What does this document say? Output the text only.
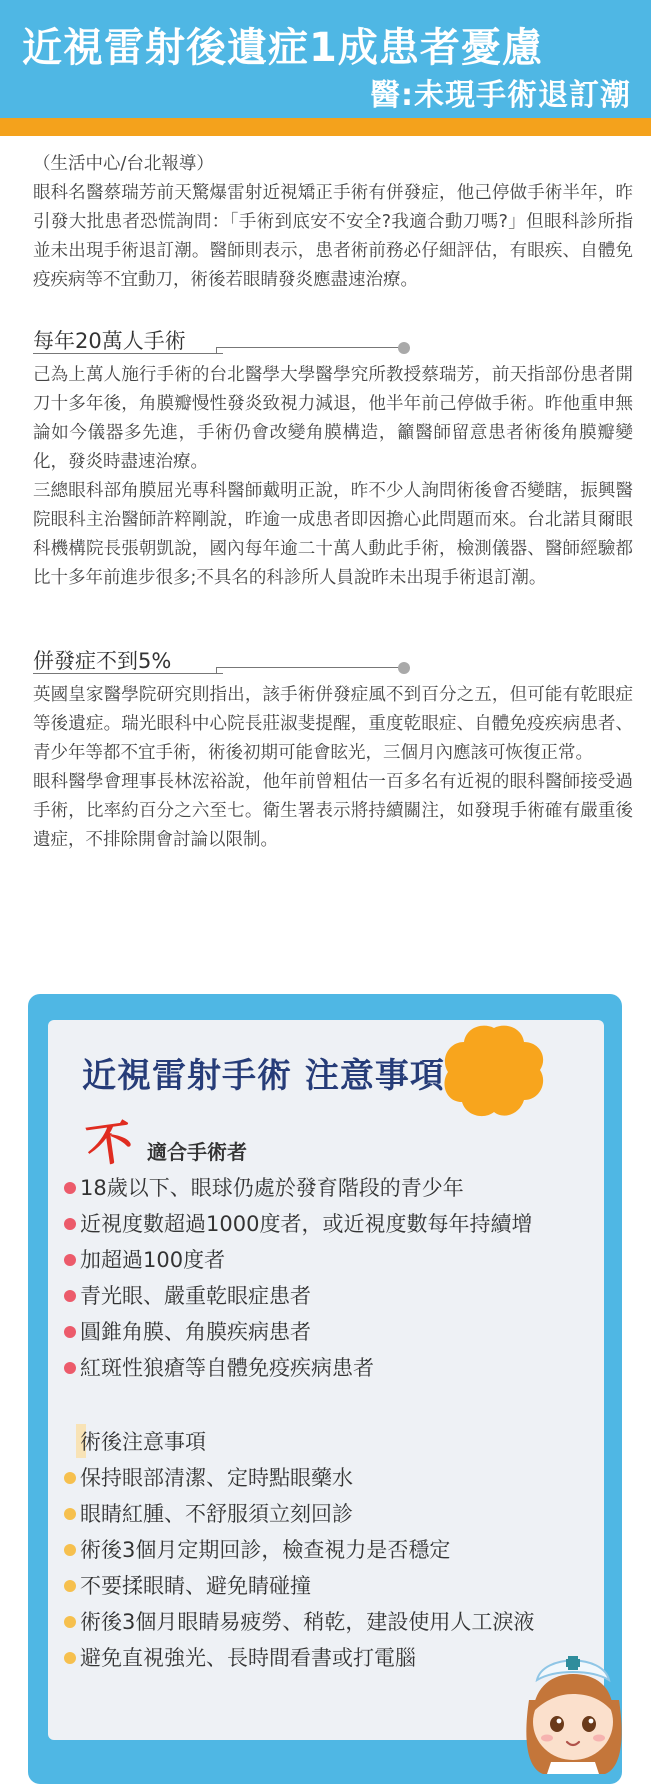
近視雷射後遺症1成患者憂慮
醫:未現手術退訂潮

（生活中心/台北報導）

眼科名醫蔡瑞芳前天驚爆雷射近視矯正手術有併發症，他己停做手術半年，昨引發大批患者恐慌詢問：「手術到底安不安全?我適合動刀嗎?」但眼科診所指並未出現手術退訂潮。醫師則表示，患者術前務必仔細評估，有眼疾、自體免疫疾病等不宜動刀，術後若眼睛發炎應盡速治療。

每年20萬人手術

己為上萬人施行手術的台北醫學大學醫學究所教授蔡瑞芳，前天指部份患者開刀十多年後，角膜瓣慢性發炎致視力減退，他半年前己停做手術。昨他重申無論如今儀器多先進，手術仍會改變角膜構造，籲醫師留意患者術後角膜瓣變化，發炎時盡速治療。

三總眼科部角膜屈光專科醫師戴明正說，昨不少人詢問術後會否變瞎，振興醫院眼科主治醫師許粹剛說，昨逾一成患者即因擔心此問題而來。台北諾貝爾眼科機構院長張朝凱說，國內每年逾二十萬人動此手術，檢測儀器、醫師經驗都比十多年前進步很多;不具名的科診所人員說昨未出現手術退訂潮。

併發症不到5%

英國皇家醫學院研究則指出，該手術併發症風不到百分之五，但可能有乾眼症等後遺症。瑞光眼科中心院長莊淑斐提醒，重度乾眼症、自體免疫疾病患者、青少年等都不宜手術，術後初期可能會眩光，三個月內應該可恢復正常。

眼科醫學會理事長林浤裕說，他年前曾粗估一百多名有近視的眼科醫師接受過手術，比率約百分之六至七。衛生署表示將持續關注，如發現手術確有嚴重後遺症，不排除開會討論以限制。

近視雷射手術 注意事項
不 適合手術者
18歲以下、眼球仍處於發育階段的青少年
近視度數超過1000度者，或近視度數每年持續增
加超過100度者
青光眼、嚴重乾眼症患者
圓錐角膜、角膜疾病患者
紅斑性狼瘡等自體免疫疾病患者
術後注意事項
保持眼部清潔、定時點眼藥水
眼睛紅腫、不舒服須立刻回診
術後3個月定期回診，檢查視力是否穩定
不要揉眼睛、避免睛碰撞
術後3個月眼睛易疲勞、稍乾，建設使用人工淚液
避免直視強光、長時間看書或打電腦
